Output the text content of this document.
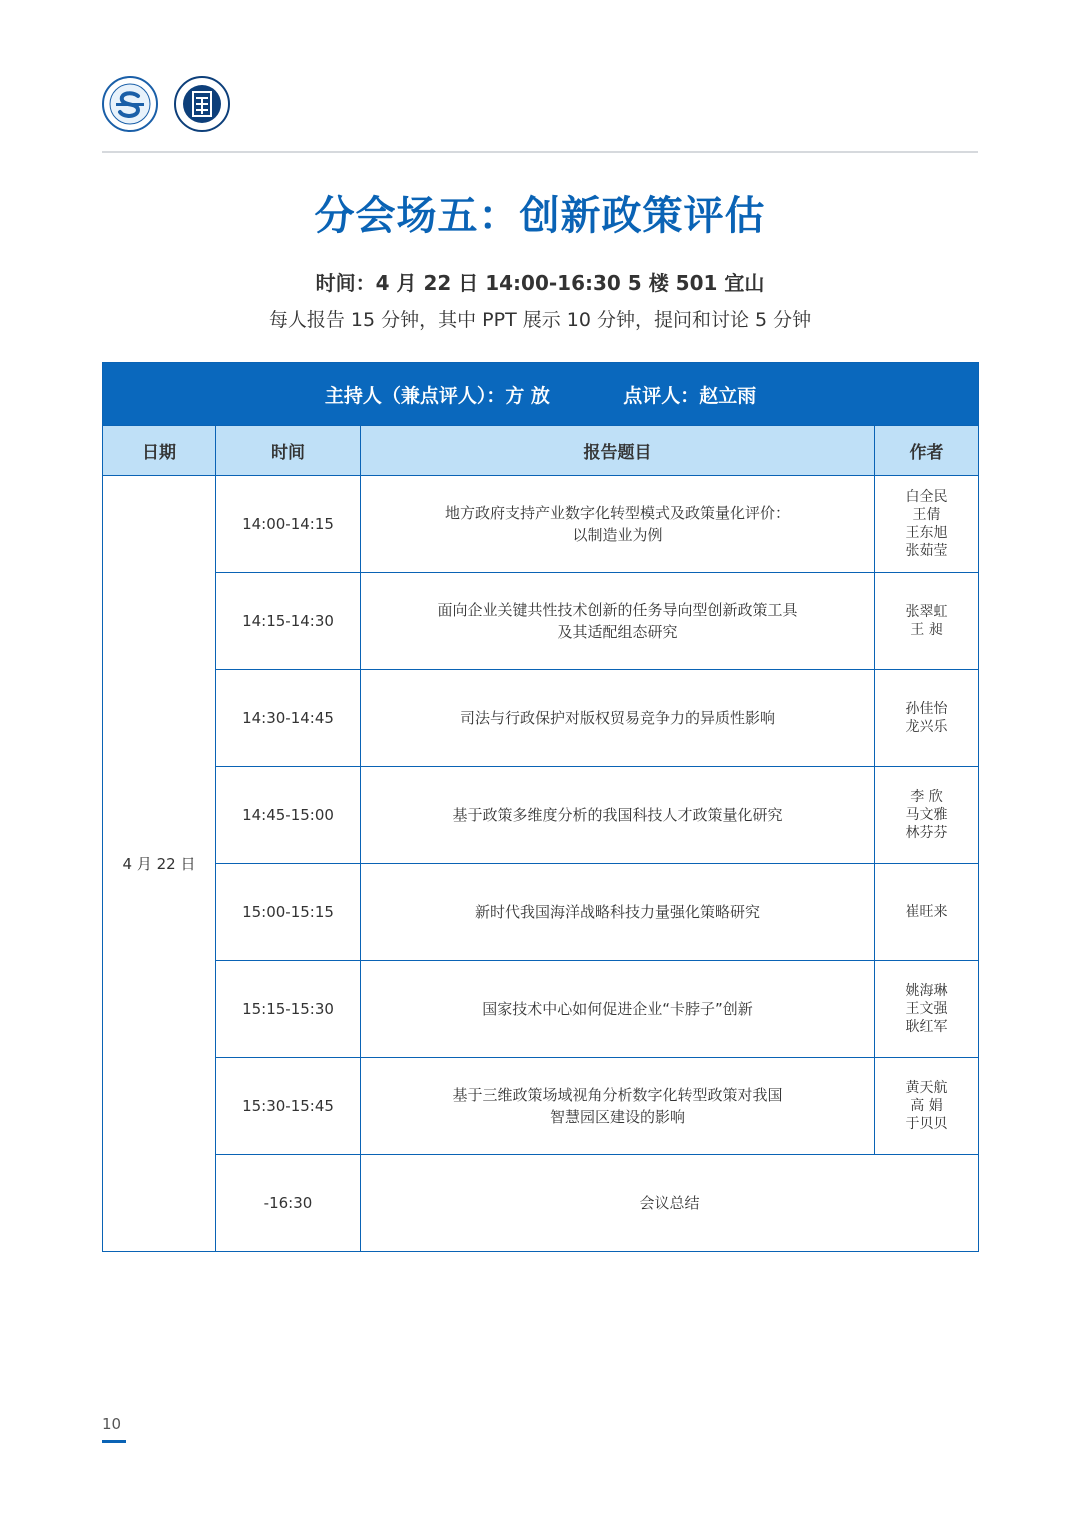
分会场五：创新政策评估
时间：4 月 22 日 14:00-16:30 5 楼 501 宜山
每人报告 15 分钟，其中 PPT 展示 10 分钟，提问和讨论 5 分钟
主持人（兼点评人）：方 放 点评人：赵立雨			
日期	时间	报告题目	作者
4 月 22 日	14:00-14:15	地方政府支持产业数字化转型模式及政策量化评价：
以制造业为例	白全民
王倩
王东旭
张茹莹

	14:15-14:30	面向企业关键共性技术创新的任务导向型创新政策工具
及其适配组态研究	张翠虹
王 昶

	14:30-14:45	司法与行政保护对版权贸易竞争力的异质性影响	孙佳怡
龙兴乐

	14:45-15:00	基于政策多维度分析的我国科技人才政策量化研究	李 欣
马文雅
林芬芬

	15:00-15:15	新时代我国海洋战略科技力量强化策略研究	崔旺来

	15:15-15:30	国家技术中心如何促进企业“卡脖子”创新	姚海琳
王文强
耿红军

	15:30-15:45	基于三维政策场域视角分析数字化转型政策对我国
智慧园区建设的影响	黄天航
高 娟
于贝贝

	-16:30	会议总结	
10
